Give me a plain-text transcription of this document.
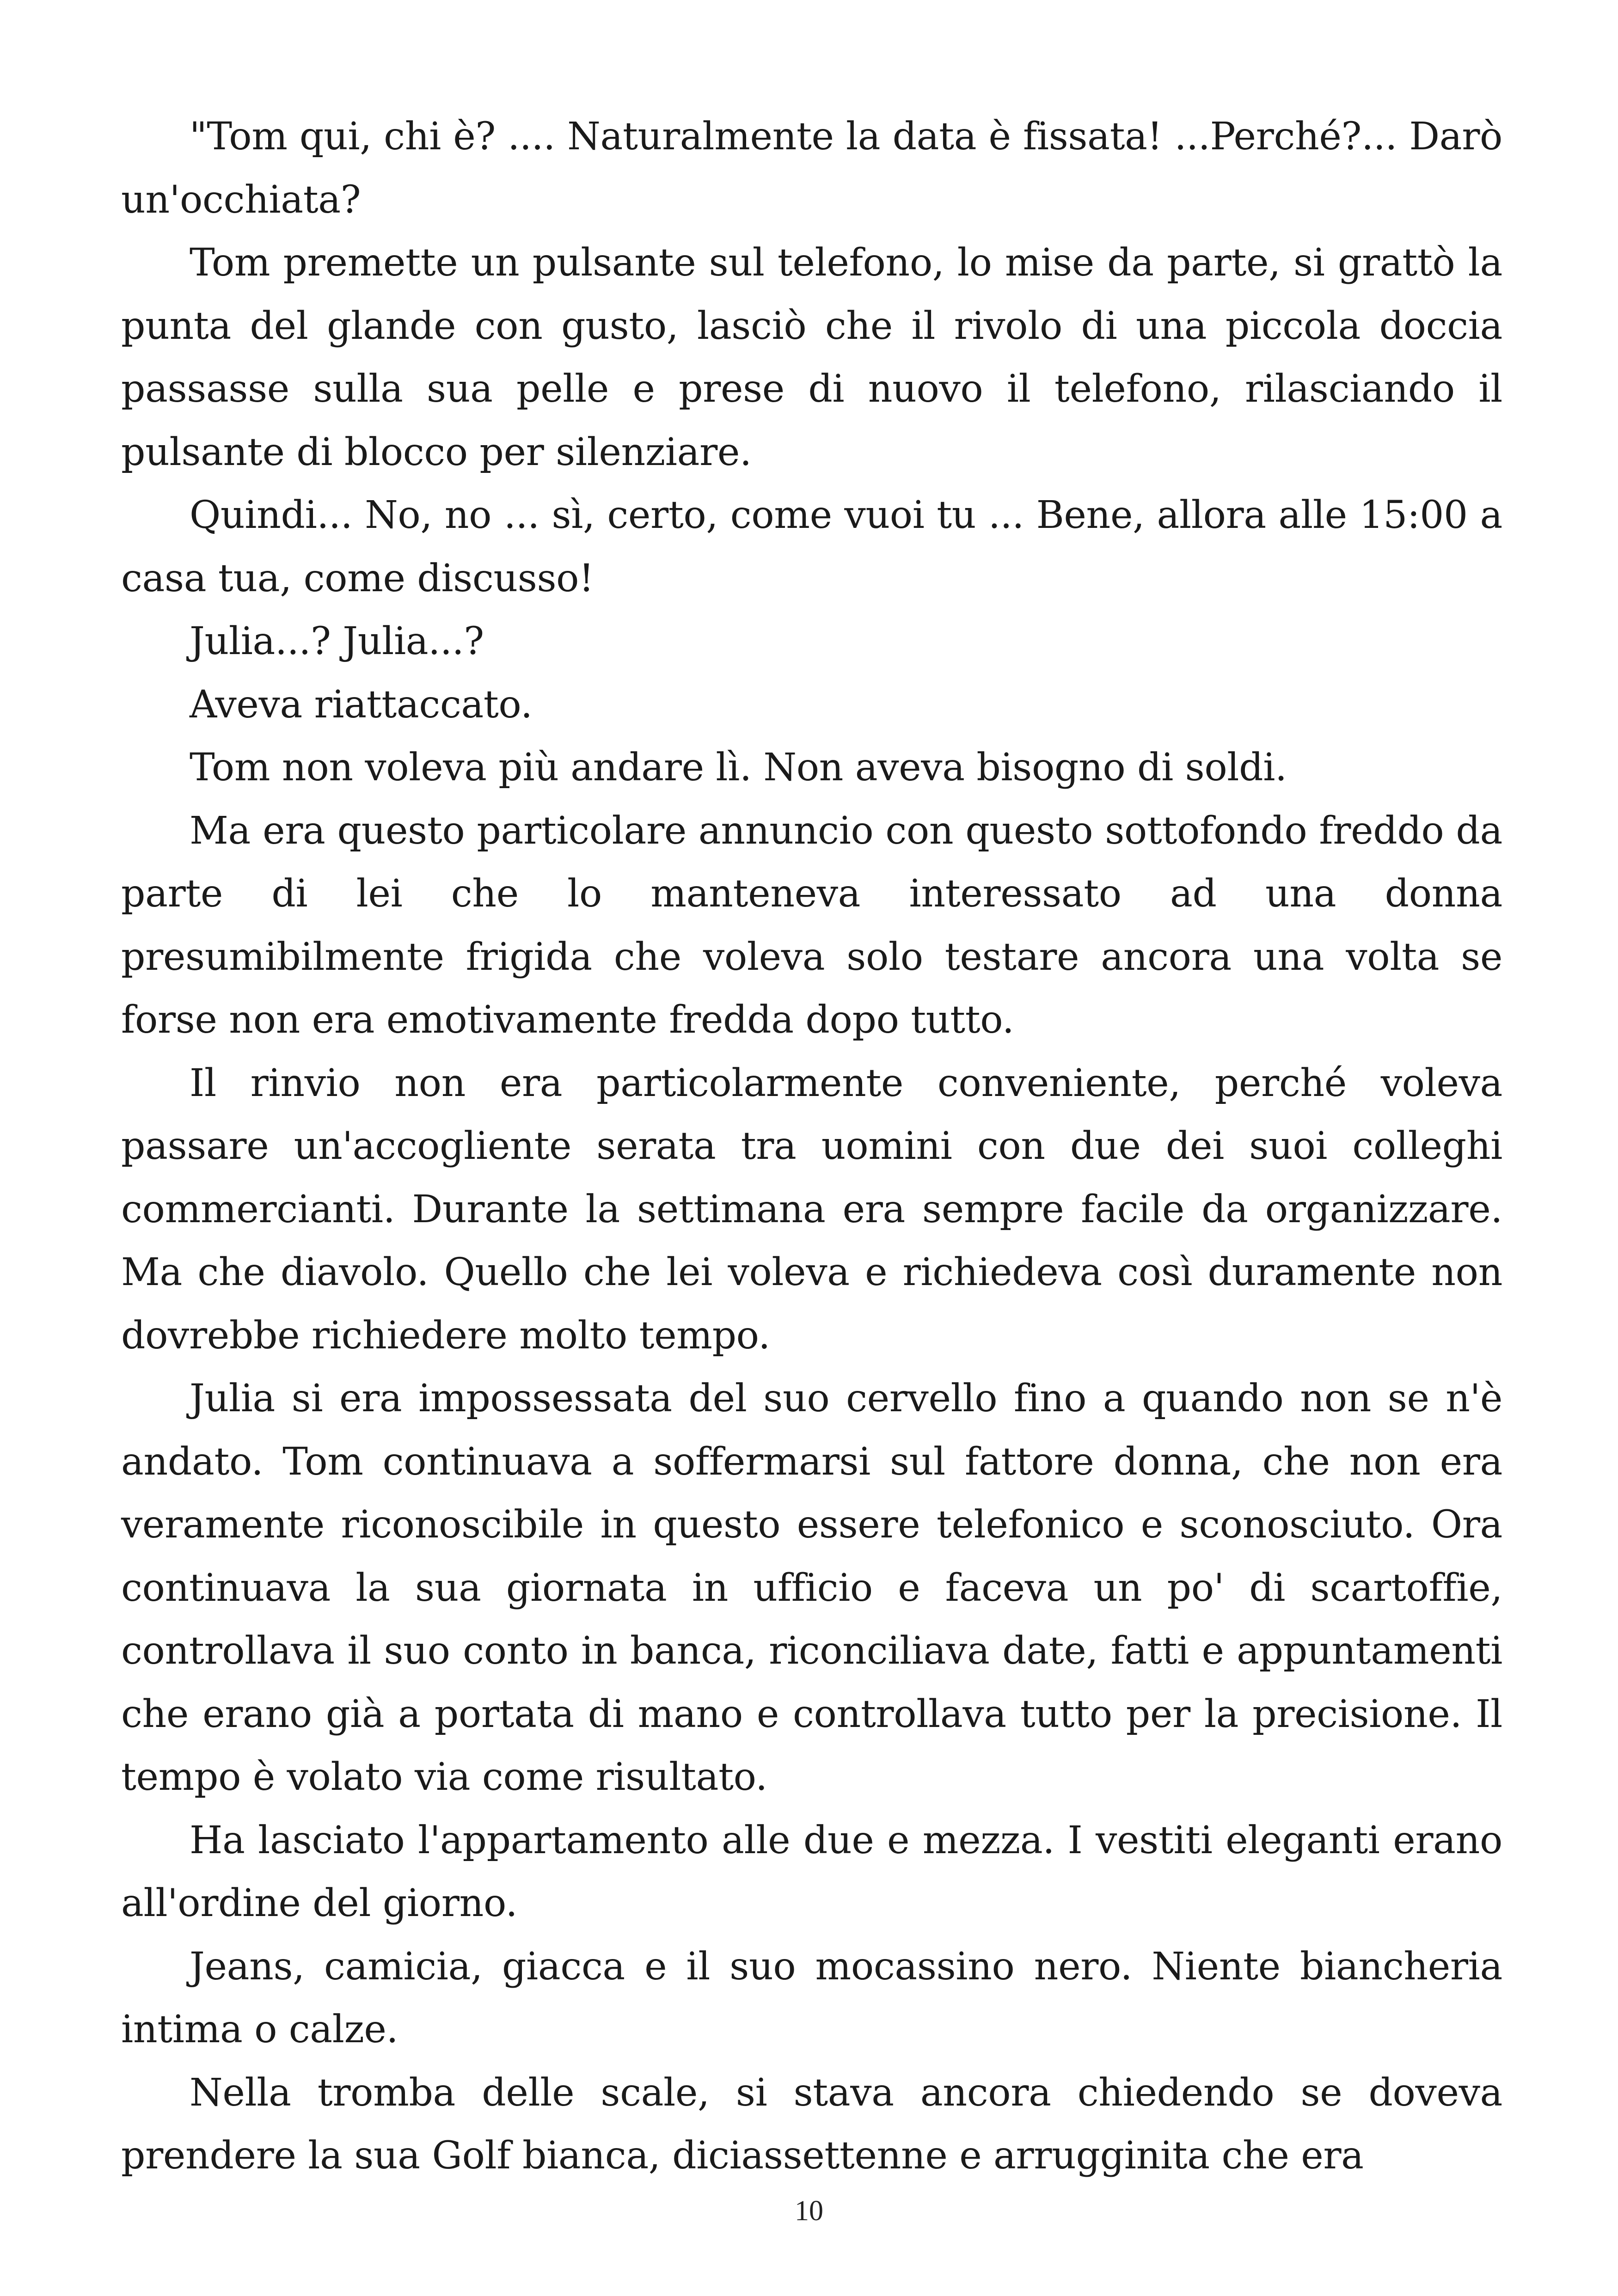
"Tom qui, chi è? .... Naturalmente la data è fissata! ...Perché?... Darò un'occhiata?

Tom premette un pulsante sul telefono, lo mise da parte, si grattò la punta del glande con gusto, lasciò che il rivolo di una piccola doccia passasse sulla sua pelle e prese di nuovo il telefono, rilasciando il pulsante di blocco per silenziare.

Quindi... No, no ... sì, certo, come vuoi tu ... Bene, allora alle 15:00 a casa tua, come discusso!

Julia...? Julia...?

Aveva riattaccato.

Tom non voleva più andare lì. Non aveva bisogno di soldi.

Ma era questo particolare annuncio con questo sottofondo freddo da parte di lei che lo manteneva interessato ad una donna presumibilmente frigida che voleva solo testare ancora una volta se forse non era emotivamente fredda dopo tutto.

Il rinvio non era particolarmente conveniente, perché voleva passare un'accogliente serata tra uomini con due dei suoi colleghi commercianti. Durante la settimana era sempre facile da organizzare. Ma che diavolo. Quello che lei voleva e richiedeva così duramente non dovrebbe richiedere molto tempo.

Julia si era impossessata del suo cervello fino a quando non se n'è andato. Tom continuava a soffermarsi sul fattore donna, che non era veramente riconoscibile in questo essere telefonico e sconosciuto. Ora continuava la sua giornata in ufficio e faceva un po' di scartoffie, controllava il suo conto in banca, riconciliava date, fatti e appuntamenti che erano già a portata di mano e controllava tutto per la precisione. Il tempo è volato via come risultato.

Ha lasciato l'appartamento alle due e mezza. I vestiti eleganti erano all'ordine del giorno.

Jeans, camicia, giacca e il suo mocassino nero. Niente biancheria intima o calze.

Nella tromba delle scale, si stava ancora chiedendo se doveva prendere la sua Golf bianca, diciassettenne e arrugginita che era

10
